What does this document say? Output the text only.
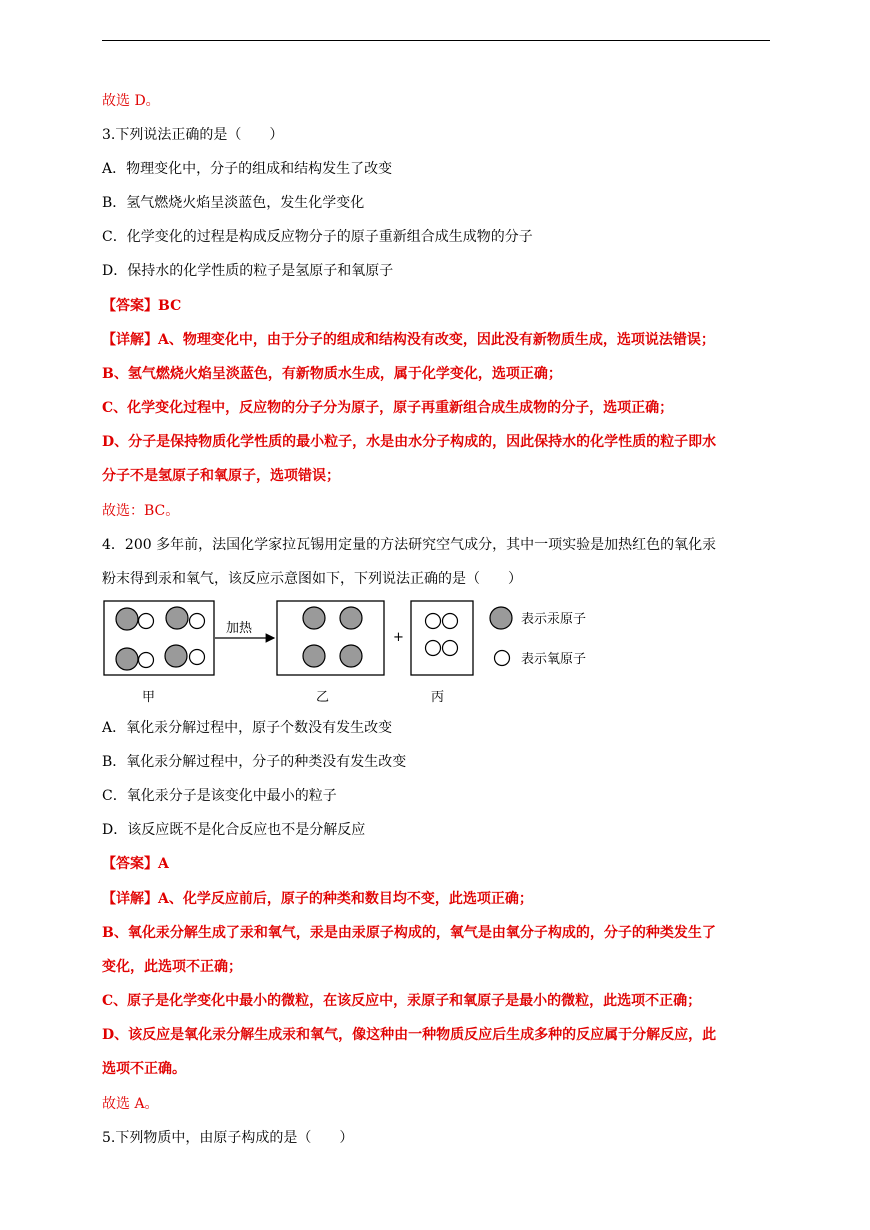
故选 D。
3.下列说法正确的是（　　）
A．物理变化中，分子的组成和结构发生了改变
B．氢气燃烧火焰呈淡蓝色，发生化学变化
C．化学变化的过程是构成反应物分子的原子重新组合成生成物的分子
D．保持水的化学性质的粒子是氢原子和氧原子
【答案】BC
【详解】A、物理变化中，由于分子的组成和结构没有改变，因此没有新物质生成，选项说法错误；
B、氢气燃烧火焰呈淡蓝色，有新物质水生成，属于化学变化，选项正确；
C、化学变化过程中，反应物的分子分为原子，原子再重新组合成生成物的分子，选项正确；
D、分子是保持物质化学性质的最小粒子，水是由水分子构成的，因此保持水的化学性质的粒子即水
分子不是氢原子和氧原子，选项错误；
故选：BC。
4．200 多年前，法国化学家拉瓦锡用定量的方法研究空气成分，其中一项实验是加热红色的氧化汞
粉末得到汞和氧气，该反应示意图如下，下列说法正确的是（　　）
加热
+
表示汞原子
表示氧原子
甲	乙	丙
A．氧化汞分解过程中，原子个数没有发生改变
B．氧化汞分解过程中，分子的种类没有发生改变
C．氧化汞分子是该变化中最小的粒子
D．该反应既不是化合反应也不是分解反应
【答案】A
【详解】A、化学反应前后，原子的种类和数目均不变，此选项正确；
B、氧化汞分解生成了汞和氧气，汞是由汞原子构成的，氧气是由氧分子构成的，分子的种类发生了
变化，此选项不正确；
C、原子是化学变化中最小的微粒，在该反应中，汞原子和氧原子是最小的微粒，此选项不正确；
D、该反应是氧化汞分解生成汞和氧气，像这种由一种物质反应后生成多种的反应属于分解反应，此
选项不正确。
故选 A。
5.下列物质中，由原子构成的是（　　）
